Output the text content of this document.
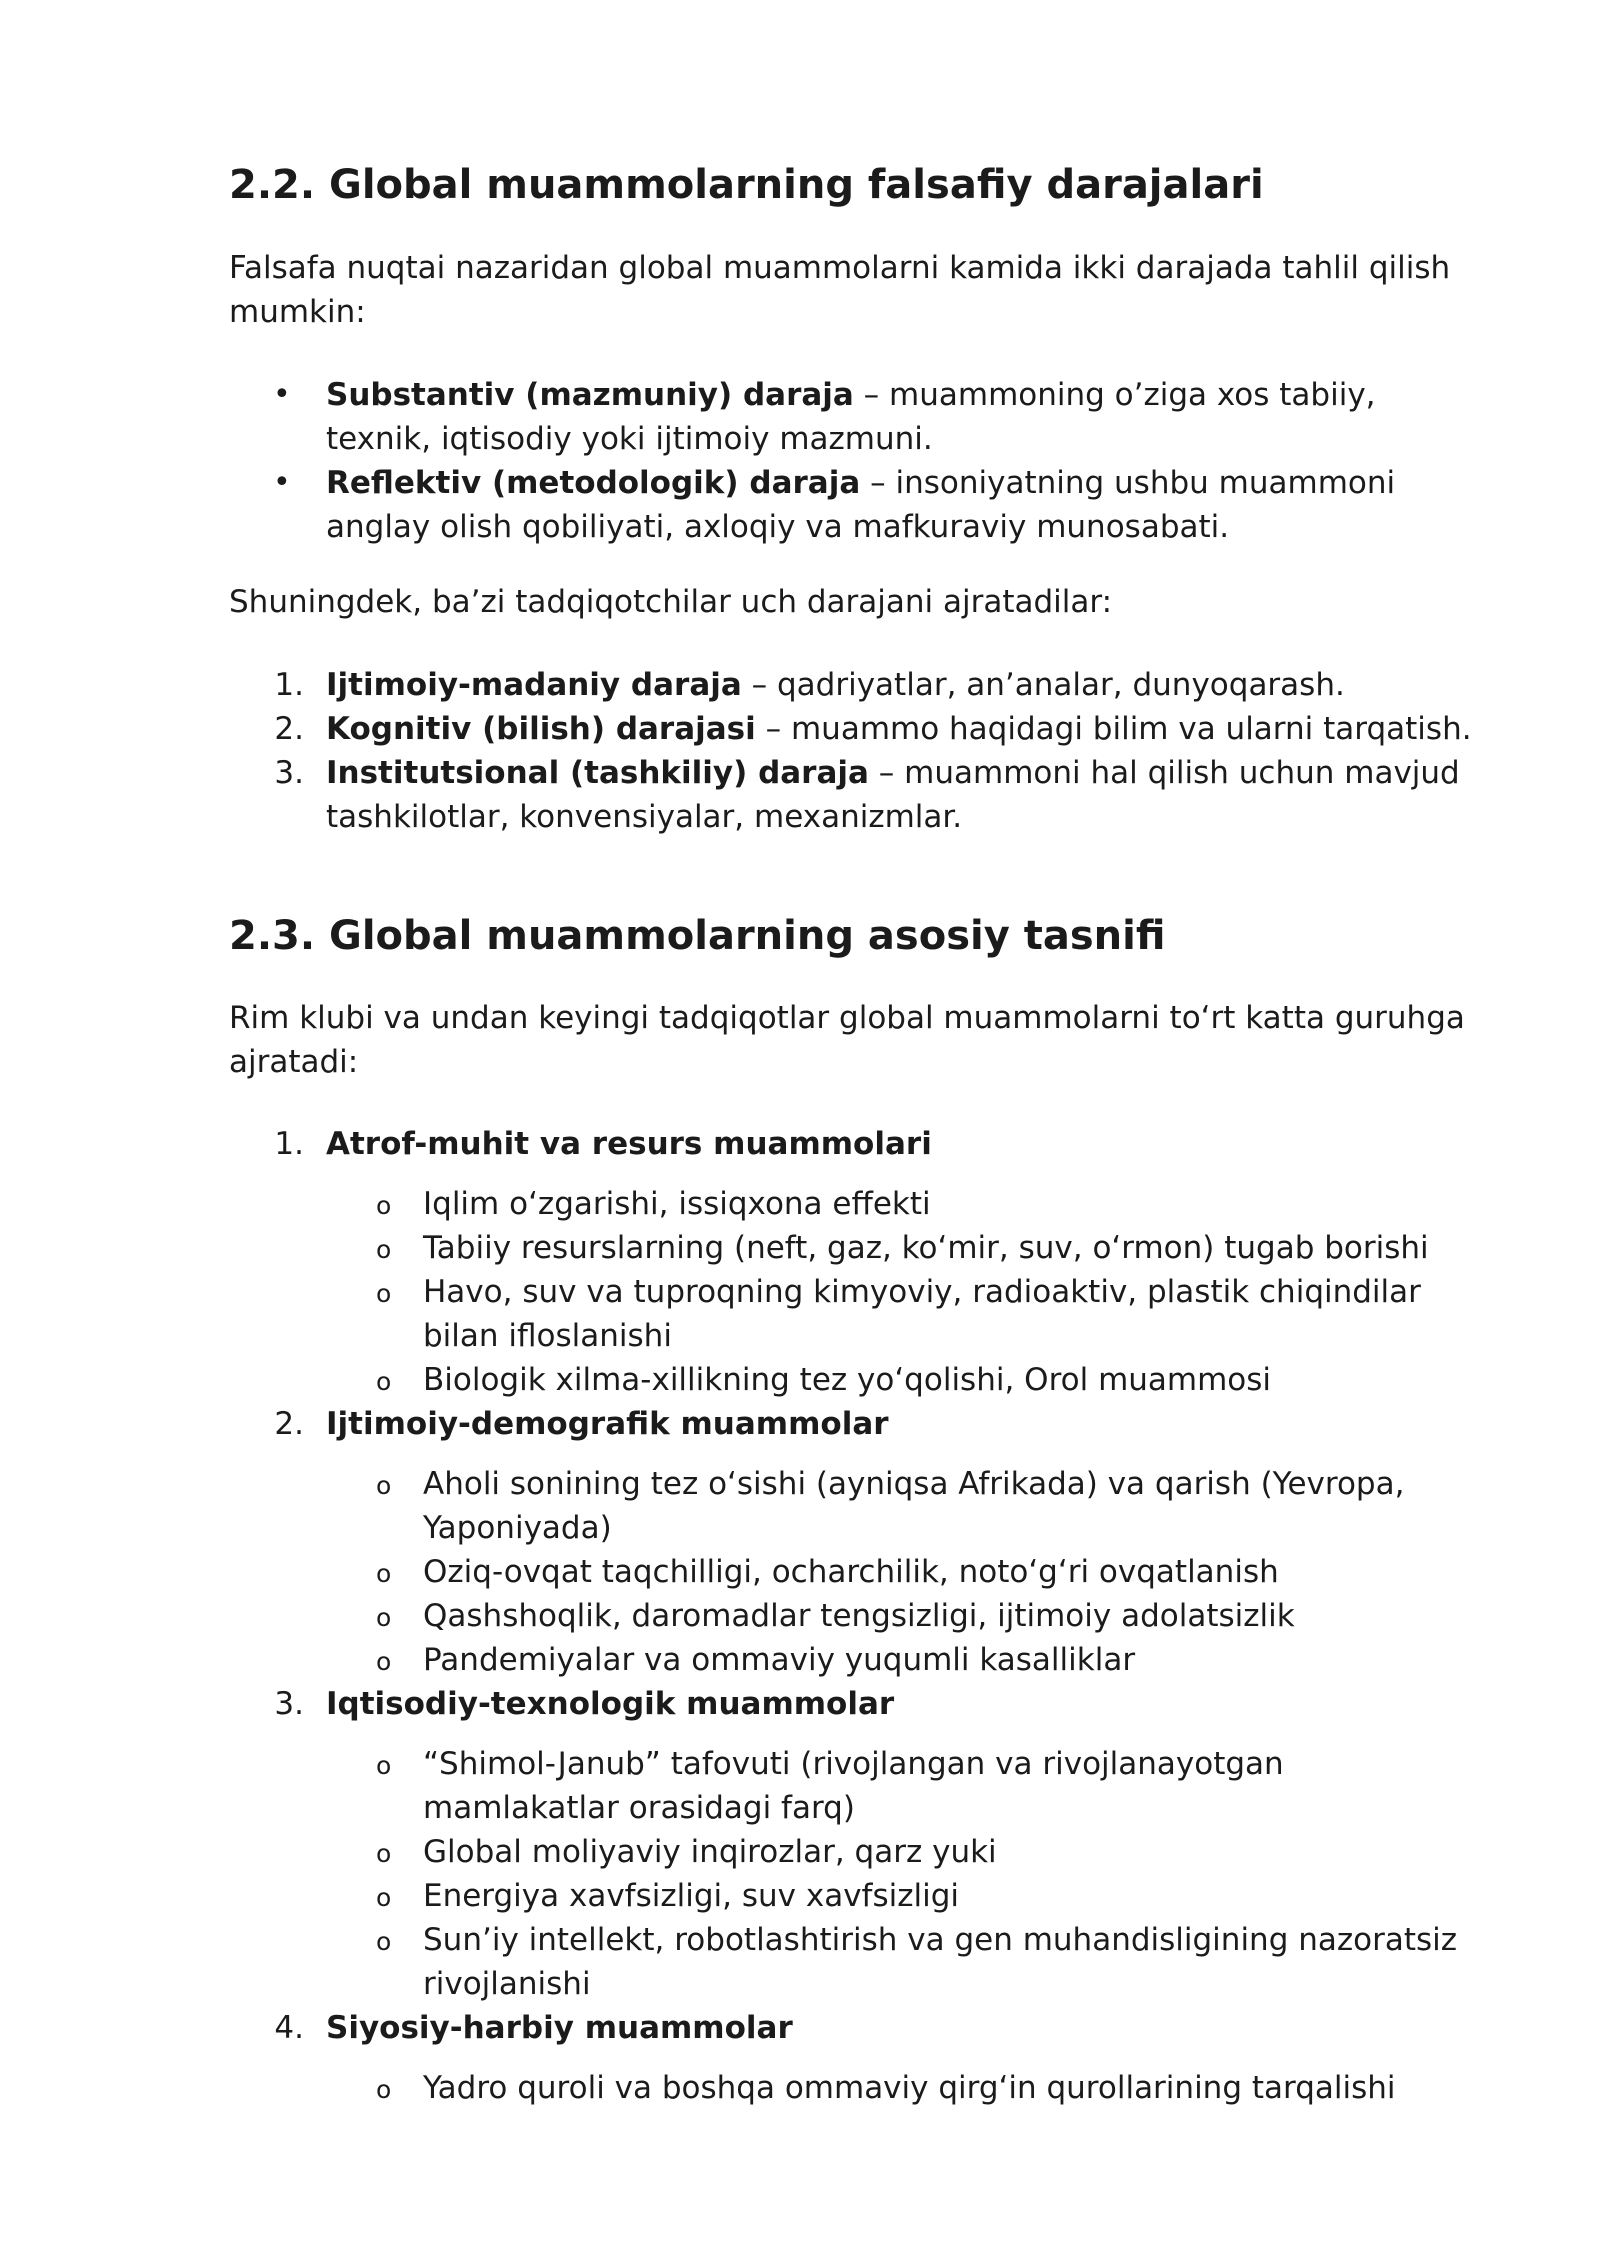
2.2. Global muammolarning falsafiy darajalari

Falsafa nuqtai nazaridan global muammolarni kamida ikki darajada tahlil qilish mumkin:

• Substantiv (mazmuniy) daraja – muammoning o’ziga xos tabiiy, texnik, iqtisodiy yoki ijtimoiy mazmuni.
• Reflektiv (metodologik) daraja – insoniyatning ushbu muammoni anglay olish qobiliyati, axloqiy va mafkuraviy munosabati.

Shuningdek, ba’zi tadqiqotchilar uch darajani ajratadilar:

1. Ijtimoiy-madaniy daraja – qadriyatlar, an’analar, dunyoqarash.
2. Kognitiv (bilish) darajasi – muammo haqidagi bilim va ularni tarqatish.
3. Institutsional (tashkiliy) daraja – muammoni hal qilish uchun mavjud tashkilotlar, konvensiyalar, mexanizmlar.
2.3. Global muammolarning asosiy tasnifi

Rim klubi va undan keyingi tadqiqotlar global muammolarni to‘rt katta guruhga ajratadi:

1. Atrof-muhit va resurs muammolari
o Iqlim o‘zgarishi, issiqxona effekti
o Tabiiy resurslarning (neft, gaz, ko‘mir, suv, o‘rmon) tugab borishi
o Havo, suv va tuproqning kimyoviy, radioaktiv, plastik chiqindilar bilan ifloslanishi
o Biologik xilma-xillikning tez yo‘qolishi, Orol muammosi
2. Ijtimoiy-demografik muammolar
o Aholi sonining tez o‘sishi (ayniqsa Afrikada) va qarish (Yevropa, Yaponiyada)
o Oziq-ovqat taqchilligi, ocharchilik, noto‘g‘ri ovqatlanish
o Qashshoqlik, daromadlar tengsizligi, ijtimoiy adolatsizlik
o Pandemiyalar va ommaviy yuqumli kasalliklar
3. Iqtisodiy-texnologik muammolar
o “Shimol-Janub” tafovuti (rivojlangan va rivojlanayotgan mamlakatlar orasidagi farq)
o Global moliyaviy inqirozlar, qarz yuki
o Energiya xavfsizligi, suv xavfsizligi
o Sun’iy intellekt, robotlashtirish va gen muhandisligining nazoratsiz rivojlanishi
4. Siyosiy-harbiy muammolar
o Yadro quroli va boshqa ommaviy qirg‘in qurollarining tarqalishi
